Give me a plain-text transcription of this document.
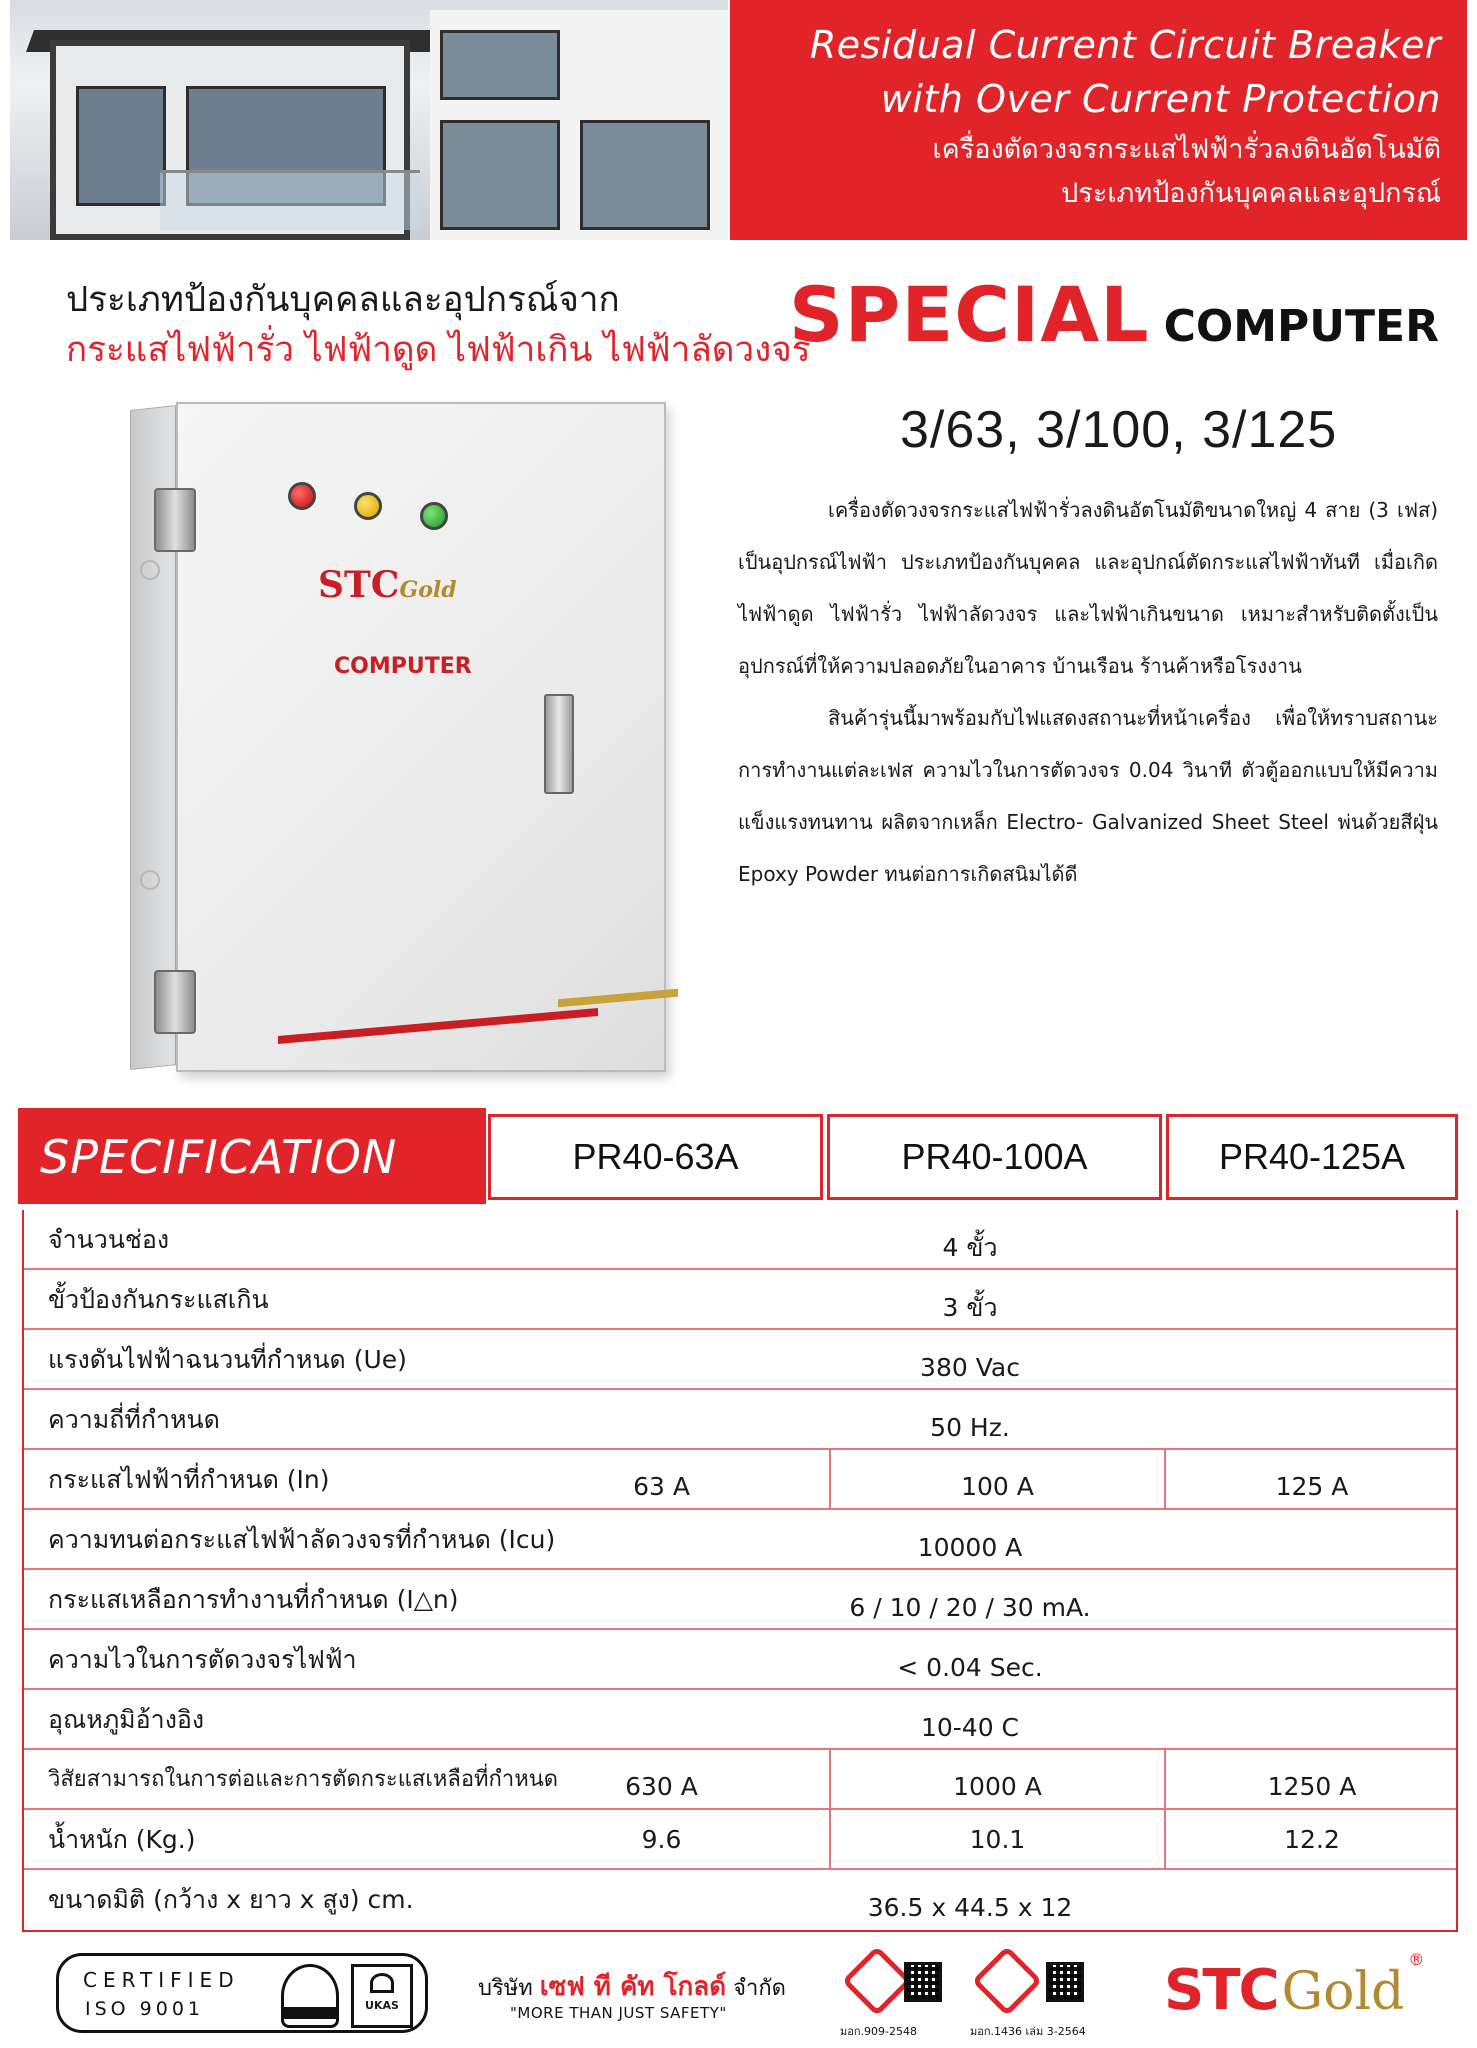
Residual Current Circuit Breaker
with Over Current Protection
เครื่องตัดวงจรกระแสไฟฟ้ารั่วลงดินอัตโนมัติ
ประเภทป้องกันบุคคลและอุปกรณ์
ประเภทป้องกันบุคคลและอุปกรณ์จาก
กระแสไฟฟ้ารั่ว ไฟฟ้าดูด ไฟฟ้าเกิน ไฟฟ้าลัดวงจร
SPECIAL COMPUTER
3/63, 3/100, 3/125

เครื่องตัดวงจรกระแสไฟฟ้ารั่วลงดินอัตโนมัติขนาดใหญ่ 4 สาย (3 เฟส) เป็นอุปกรณ์ไฟฟ้า ประเภทป้องกันบุคคล และอุปกณ์ตัดกระแสไฟฟ้าทันที เมื่อเกิดไฟฟ้าดูด ไฟฟ้ารั่ว ไฟฟ้าลัดวงจร และไฟฟ้าเกินขนาด เหมาะสำหรับติดตั้งเป็นอุปกรณ์ที่ให้ความปลอดภัยในอาคาร บ้านเรือน ร้านค้าหรือโรงงาน

สินค้ารุ่นนี้มาพร้อมกับไฟแสดงสถานะที่หน้าเครื่อง เพื่อให้ทราบสถานะการทำงานแต่ละเฟส ความไวในการตัดวงจร 0.04 วินาที ตัวตู้ออกแบบให้มีความแข็งแรงทนทาน ผลิตจากเหล็ก Electro- Galvanized Sheet Steel พ่นด้วยสีฝุ่น Epoxy Powder ทนต่อการเกิดสนิมได้ดี

STCGold
COMPUTER
SPECIFICATION	PR40-63A	PR40-100A	PR40-125A
จำนวนช่อง	4 ขั้ว
ขั้วป้องกันกระแสเกิน	3 ขั้ว
แรงดันไฟฟ้าฉนวนที่กำหนด (Ue)	380 Vac
ความถี่ที่กำหนด	50 Hz.
กระแสไฟฟ้าที่กำหนด (In)	63 A	100 A	125 A
ความทนต่อกระแสไฟฟ้าลัดวงจรที่กำหนด (Icu)	10000 A
กระแสเหลือการทำงานที่กำหนด (I△n)	6 / 10 / 20 / 30 mA.
ความไวในการตัดวงจรไฟฟ้า	< 0.04 Sec.
อุณหภูมิอ้างอิง	10-40 C
วิสัยสามารถในการต่อและการตัดกระแสเหลือที่กำหนด	630 A	1000 A	1250 A
น้ำหนัก (Kg.)	9.6	10.1	12.2
ขนาดมิติ (กว้าง x ยาว x สูง) cm.	36.5 x 44.5 x 12
CERTIFIED
ISO 9001	UKAS
บริษัท เซฟ ที คัท โกลด์ จำกัด
"MORE THAN JUST SAFETY"
มอก.909-2548	มอก.1436 เล่ม 3-2564
STCGold
®
